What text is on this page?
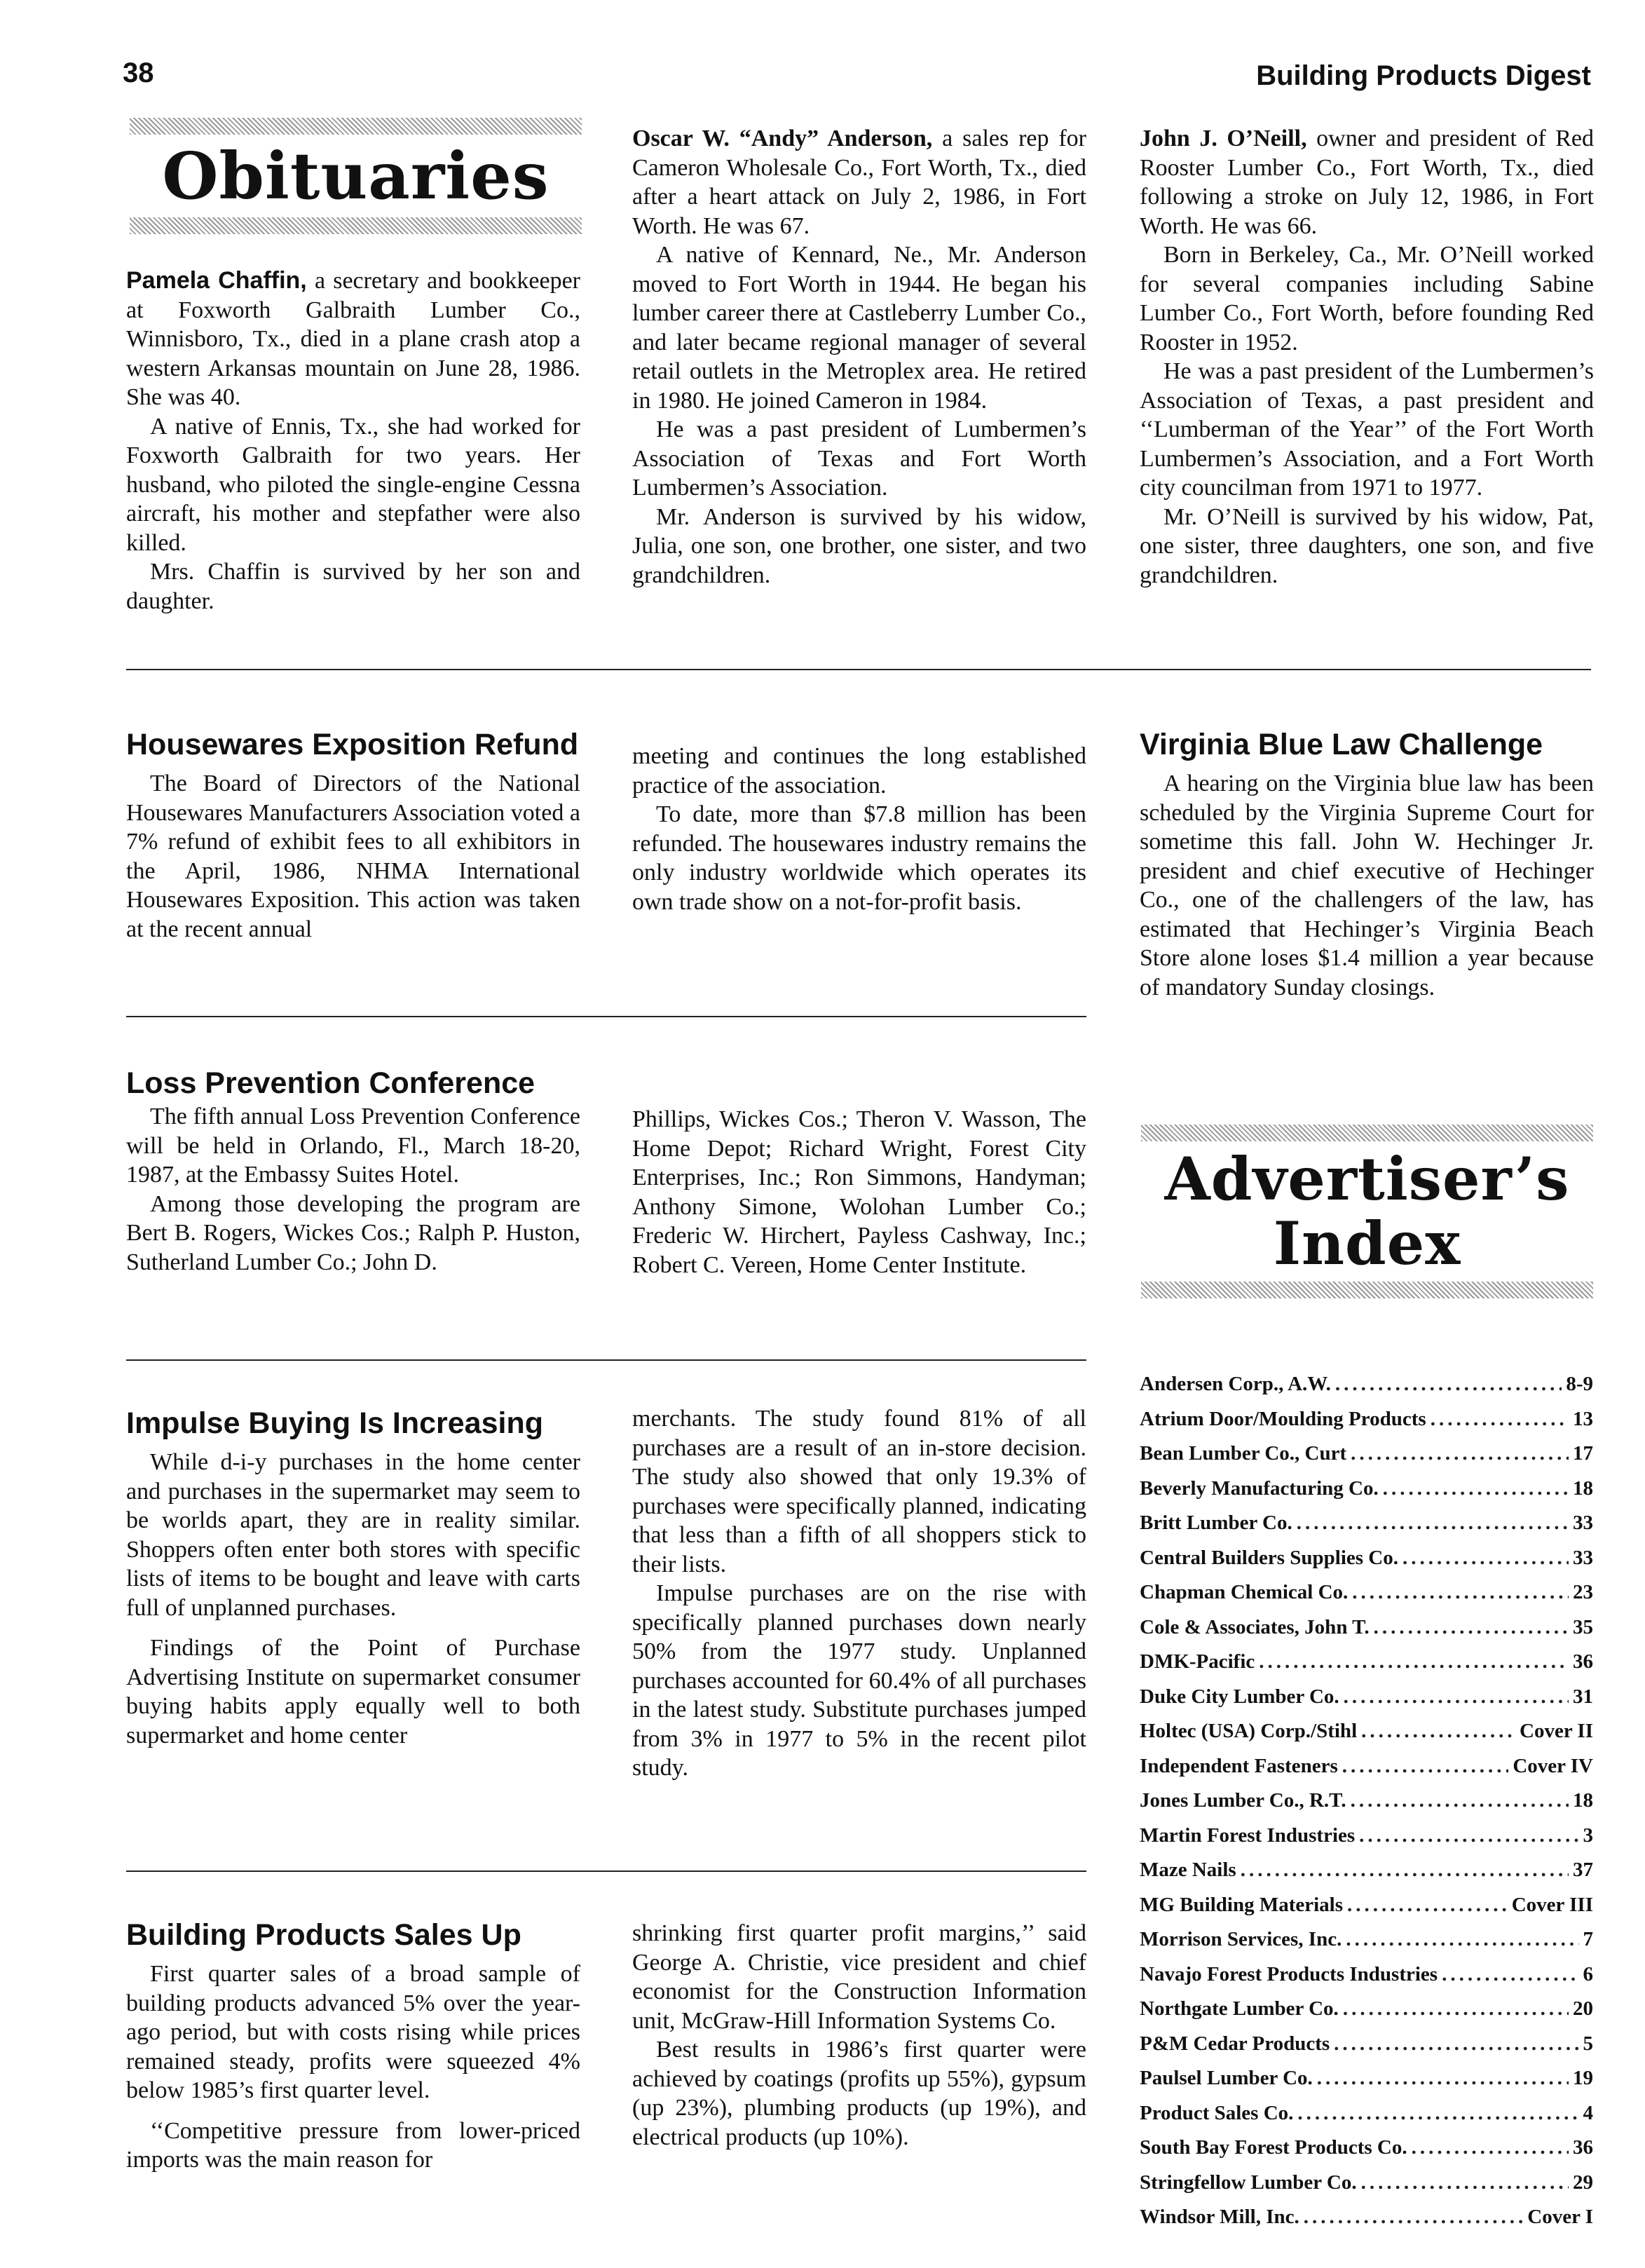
38	Building Products Digest
Obituaries

Pamela Chaffin, a secretary and bookkeeper at Foxworth Galbraith Lumber Co., Winnisboro, Tx., died in a plane crash atop a western Arkansas mountain on June 28, 1986. She was 40.

A native of Ennis, Tx., she had worked for Foxworth Galbraith for two years. Her husband, who piloted the single-engine Cessna aircraft, his mother and stepfather were also killed.

Mrs. Chaffin is survived by her son and daughter.

Oscar W. “Andy” Anderson, a sales rep for Cameron Wholesale Co., Fort Worth, Tx., died after a heart attack on July 2, 1986, in Fort Worth. He was 67.

A native of Kennard, Ne., Mr. Anderson moved to Fort Worth in 1944. He began his lumber career there at Castleberry Lumber Co., and later became regional manager of several retail outlets in the Metroplex area. He retired in 1980. He joined Cameron in 1984.

He was a past president of Lumbermen’s Association of Texas and Fort Worth Lumbermen’s Association.

Mr. Anderson is survived by his widow, Julia, one son, one brother, one sister, and two grandchildren.

John J. O’Neill, owner and president of Red Rooster Lumber Co., Fort Worth, Tx., died following a stroke on July 12, 1986, in Fort Worth. He was 66.

Born in Berkeley, Ca., Mr. O’Neill worked for several companies including Sabine Lumber Co., Fort Worth, before founding Red Rooster in 1952.

He was a past president of the Lumbermen’s Association of Texas, a past president and ‘‘Lumberman of the Year’’ of the Fort Worth Lumbermen’s Association, and a Fort Worth city councilman from 1971 to 1977.

Mr. O’Neill is survived by his widow, Pat, one sister, three daughters, one son, and five grandchildren.

Housewares Exposition Refund

The Board of Directors of the National Housewares Manufacturers Association voted a 7% refund of exhibit fees to all exhibitors in the April, 1986, NHMA International Housewares Exposition. This action was taken at the recent annual

meeting and continues the long established practice of the association.

To date, more than $7.8 million has been refunded. The housewares industry remains the only industry worldwide which operates its own trade show on a not-for-profit basis.

Virginia Blue Law Challenge

A hearing on the Virginia blue law has been scheduled by the Virginia Supreme Court for sometime this fall. John W. Hechinger Jr. president and chief executive of Hechinger Co., one of the challengers of the law, has estimated that Hechinger’s Virginia Beach Store alone loses $1.4 million a year because of mandatory Sunday closings.

Loss Prevention Conference

The fifth annual Loss Prevention Conference will be held in Orlando, Fl., March 18-20, 1987, at the Embassy Suites Hotel.

Among those developing the program are Bert B. Rogers, Wickes Cos.; Ralph P. Huston, Sutherland Lumber Co.; John D.

Phillips, Wickes Cos.; Theron V. Wasson, The Home Depot; Richard Wright, Forest City Enterprises, Inc.; Ron Simmons, Handyman; Anthony Simone, Wolohan Lumber Co.; Frederic W. Hirchert, Payless Cashway, Inc.; Robert C. Vereen, Home Center Institute.

Advertiser’s
Index
Impulse Buying Is Increasing

While d-i-y purchases in the home center and purchases in the supermarket may seem to be worlds apart, they are in reality similar. Shoppers often enter both stores with specific lists of items to be bought and leave with carts full of unplanned purchases.

Findings of the Point of Purchase Advertising Institute on supermarket consumer buying habits apply equally well to both supermarket and home center

merchants. The study found 81% of all purchases are a result of an in-store decision. The study also showed that only 19.3% of purchases were specifically planned, indicating that less than a fifth of all shoppers stick to their lists.

Impulse purchases are on the rise with specifically planned purchases down nearly 50% from the 1977 study. Unplanned purchases accounted for 60.4% of all purchases in the latest study. Substitute purchases jumped from 3% in 1977 to 5% in the recent pilot study.

Building Products Sales Up

First quarter sales of a broad sample of building products advanced 5% over the year-ago period, but with costs rising while prices remained steady, profits were squeezed 4% below 1985’s first quarter level.

‘‘Competitive pressure from lower-priced imports was the main reason for

shrinking first quarter profit margins,’’ said George A. Christie, vice president and chief economist for the Construction Information unit, McGraw-Hill Information Systems Co.

Best results in 1986’s first quarter were achieved by coatings (profits up 55%), gypsum (up 23%), plumbing products (up 19%), and electrical products (up 10%).

Andersen Corp., A.W. .....	8-9
Atrium Door/Moulding Products .....	13
Bean Lumber Co., Curt .....	17
Beverly Manufacturing Co. .....	18
Britt Lumber Co. .....	33
Central Builders Supplies Co. .....	33
Chapman Chemical Co. .....	23
Cole & Associates, John T. .....	35
DMK-Pacific .....	36
Duke City Lumber Co. .....	31
Holtec (USA) Corp./Stihl .....	Cover II
Independent Fasteners .....	Cover IV
Jones Lumber Co., R.T. .....	18
Martin Forest Industries .....	3
Maze Nails .....	37
MG Building Materials .....	Cover III
Morrison Services, Inc. .....	7
Navajo Forest Products Industries .....	6
Northgate Lumber Co. .....	20
P&M Cedar Products .....	5
Paulsel Lumber Co. .....	19
Product Sales Co. .....	4
South Bay Forest Products Co. .....	36
Stringfellow Lumber Co. .....	29
Windsor Mill, Inc. .....	Cover I
